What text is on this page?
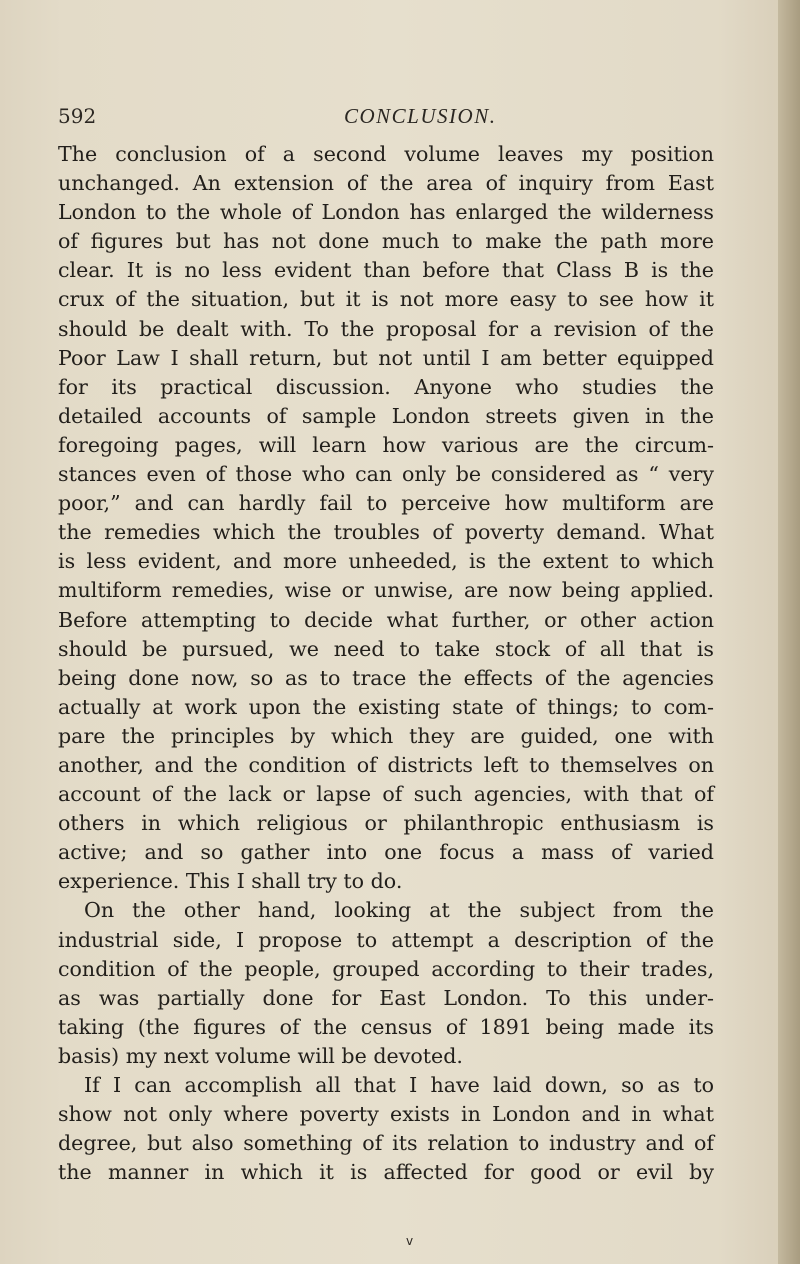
592	CONCLUSION.
The conclusion of a second volume leaves my position
unchanged. An extension of the area of inquiry from East
London to the whole of London has enlarged the wilderness
of figures but has not done much to make the path more
clear. It is no less evident than before that Class B is the
crux of the situation, but it is not more easy to see how it
should be dealt with. To the proposal for a revision of the
Poor Law I shall return, but not until I am better equipped
for its practical discussion. Anyone who studies the
detailed accounts of sample London streets given in the
foregoing pages, will learn how various are the circum-
stances even of those who can only be considered as “ very
poor,” and can hardly fail to perceive how multiform are
the remedies which the troubles of poverty demand. What
is less evident, and more unheeded, is the extent to which
multiform remedies, wise or unwise, are now being applied.
Before attempting to decide what further, or other action
should be pursued, we need to take stock of all that is
being done now, so as to trace the effects of the agencies
actually at work upon the existing state of things; to com-
pare the principles by which they are guided, one with
another, and the condition of districts left to themselves on
account of the lack or lapse of such agencies, with that of
others in which religious or philanthropic enthusiasm is
active; and so gather into one focus a mass of varied
experience. This I shall try to do.
On the other hand, looking at the subject from the
industrial side, I propose to attempt a description of the
condition of the people, grouped according to their trades,
as was partially done for East London. To this under-
taking (the figures of the census of 1891 being made its
basis) my next volume will be devoted.
If I can accomplish all that I have laid down, so as to
show not only where poverty exists in London and in what
degree, but also something of its relation to industry and of
the manner in which it is affected for good or evil by
v
